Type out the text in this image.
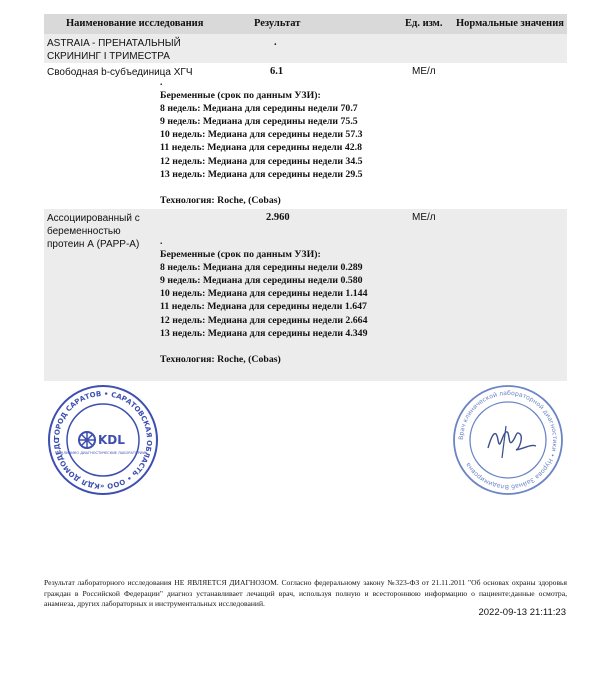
Наименование исследования	Результат	Ед. изм. Нормальные значения
ASTRAIA - ПРЕНАТАЛЬНЫЙ
СКРИНИНГ I ТРИМЕСТРА
.
Свободная b-субъединица ХГЧ	6.1	МЕ/л
.
Беременные (срок по данным УЗИ):
8 недель: Медиана для середины недели 70.7
9 недель: Медиана для середины недели 75.5
10 недель: Медиана для середины недели 57.3
11 недель: Медиана для середины недели 42.8
12 недель: Медиана для середины недели 34.5
13 недель: Медиана для середины недели 29.5
Технология: Roche, (Cobas)
Ассоциированный с беременностью
протеин А (PAPP-A)
2.960	МЕ/л
.
Беременные (срок по данным УЗИ):
8 недель: Медиана для середины недели 0.289
9 недель: Медиана для середины недели 0.580
10 недель: Медиана для середины недели 1.144
11 недель: Медиана для середины недели 1.647
12 недель: Медиана для середины недели 2.664
13 недель: Медиана для середины недели 4.349
Технология: Roche, (Cobas)
ГОРОД САРАТОВ • САРАТОВСКАЯ ОБЛАСТЬ • ООО «КДЛ ДОМОДЕДО	KDL
КЛИНИКО ДИАГНОСТИЧЕСКИЕ ЛАБОРАТОРИИ
Врач клинической лабораторной диагностики • Нурова Зайнаб Владимировна
Результат лабораторного исследования НЕ ЯВЛЯЕТСЯ ДИАГНОЗОМ. Согласно федеральному закону №323-ФЗ от 21.11.2011 "Об основах охраны здоровья граждан в Российской Федерации" диагноз устанавливает лечащий врач, используя полную и всестороннюю информацию о пациенте:данные осмотра, анамнеза, других лабораторных и инструментальных исследований.
2022-09-13 21:11:23
